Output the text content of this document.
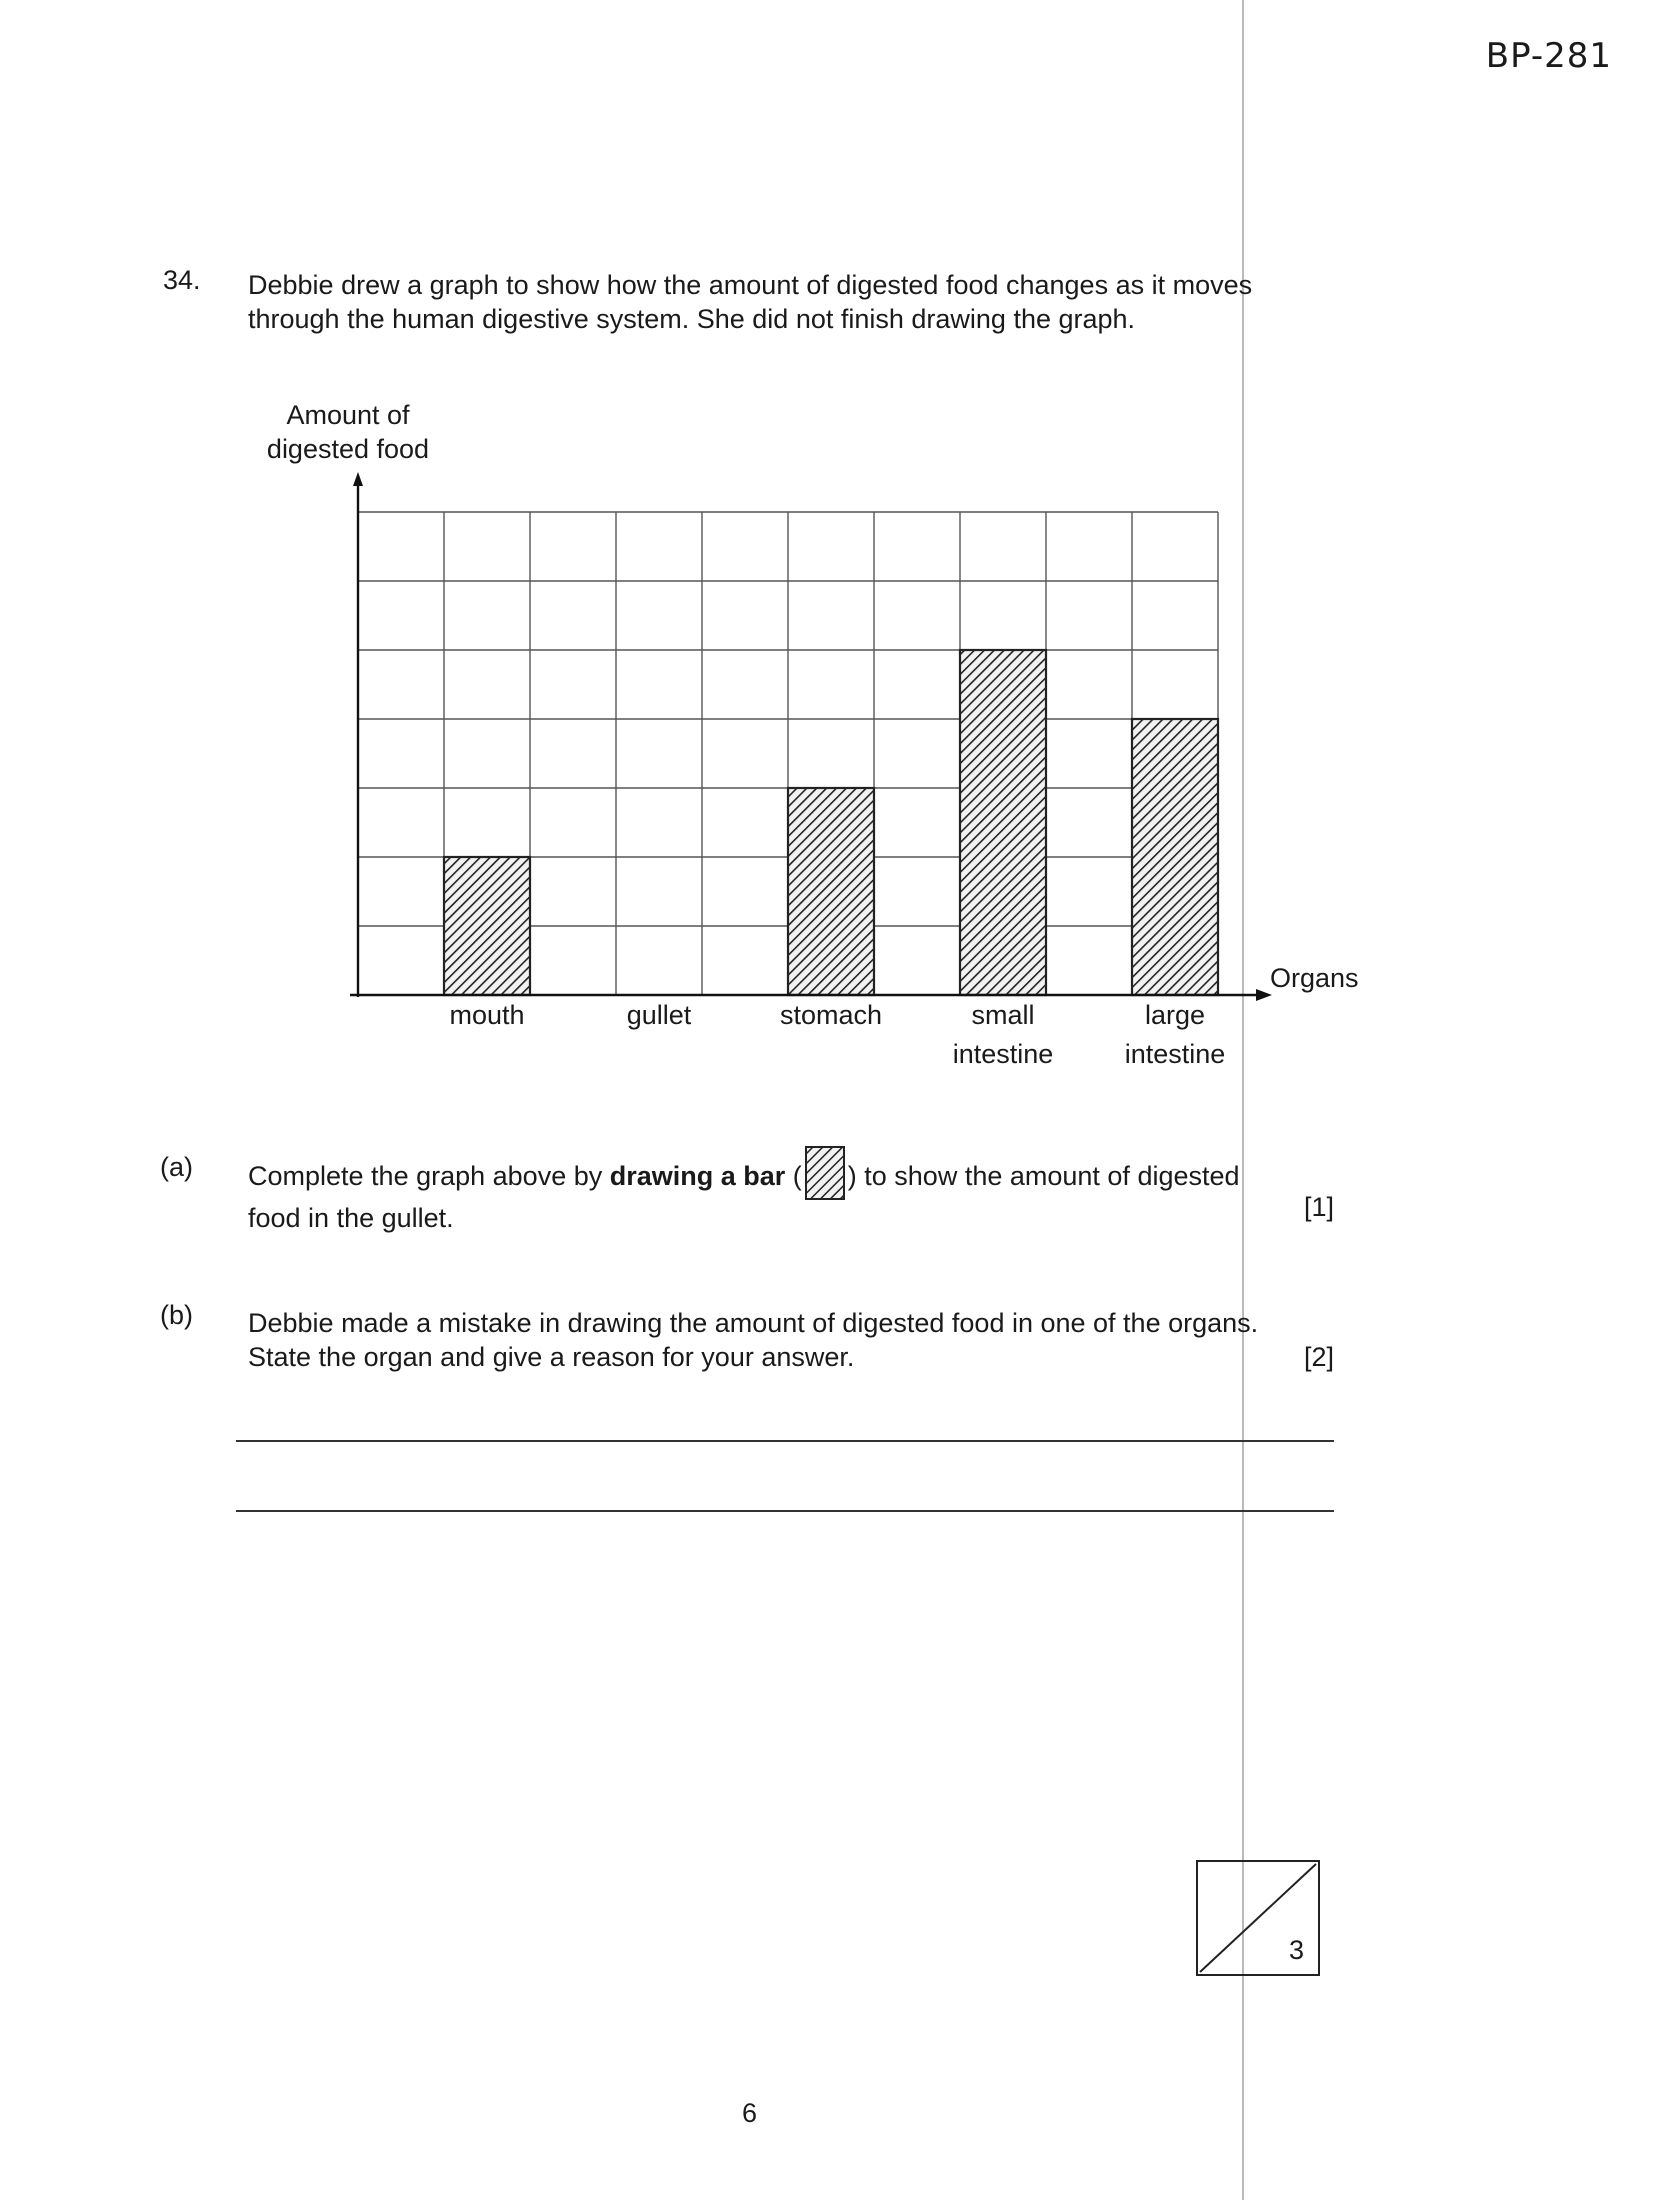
BP-281
34. Debbie drew a graph to show how the amount of digested food changes as it moves
through the human digestive system. She did not finish drawing the graph.
Amount of
digested food
Organs
mouth	gullet	stomach	small
intestine
large
intestine
(a) Complete the graph above by drawing a bar ( ) to show the amount of digested
food in the gullet.	[1]
(b) Debbie made a mistake in drawing the amount of digested food in one of the organs.
State the organ and give a reason for your answer.	[2]
3
6
